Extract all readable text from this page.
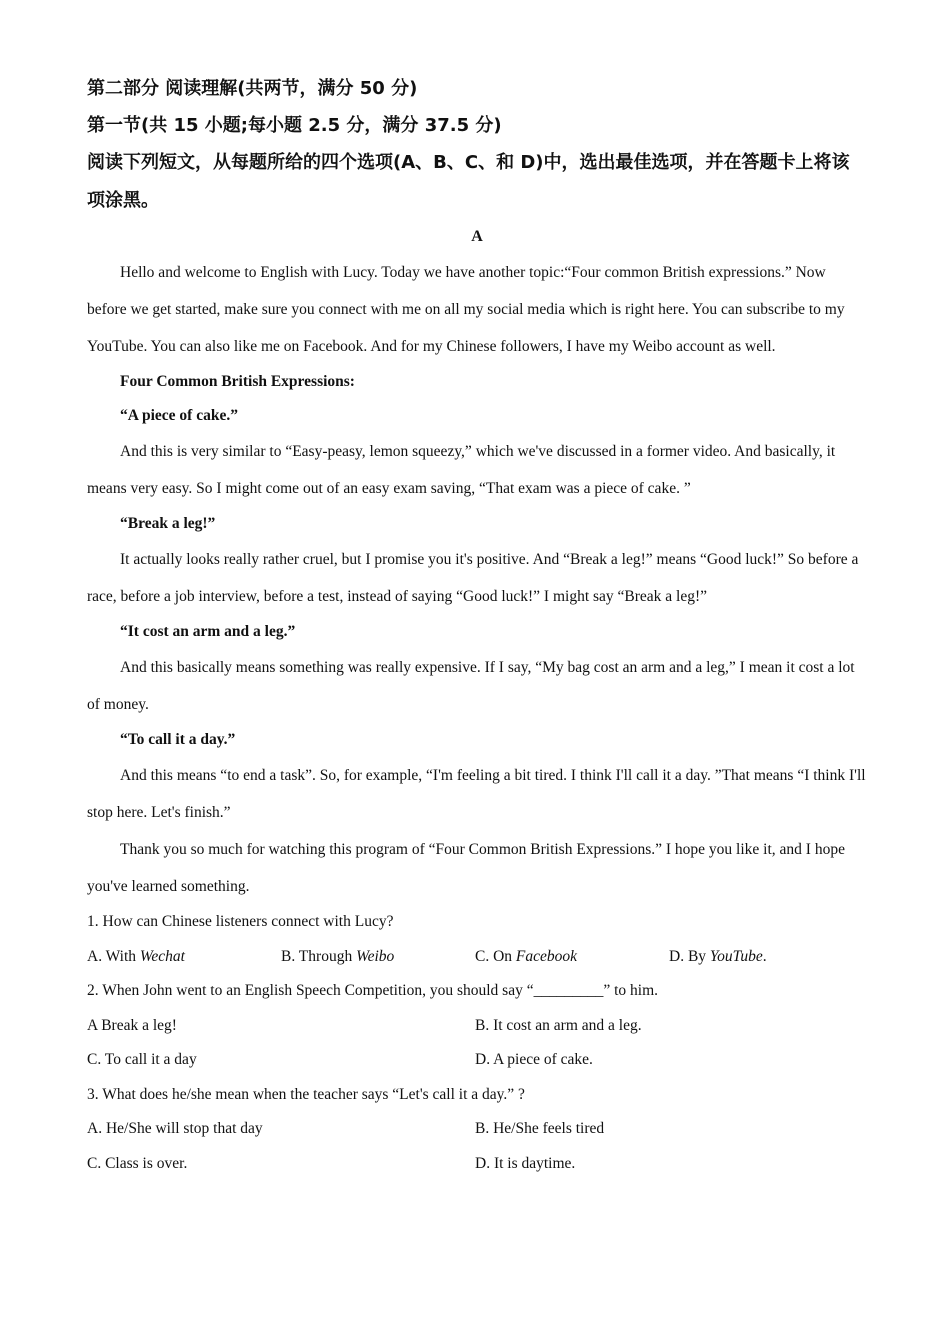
第二部分 阅读理解(共两节，满分 50 分)

第一节(共 15 小题;每小题 2.5 分，满分 37.5 分)

阅读下列短文，从每题所给的四个选项(A、B、C、和 D)中，选出最佳选项，并在答题卡上将该项涂黑。

A

Hello and welcome to English with Lucy. Today we have another topic:“Four common British expressions.” Now before we get started, make sure you connect with me on all my social media which is right here. You can subscribe to my YouTube. You can also like me on Facebook. And for my Chinese followers, I have my Weibo account as well.

Four Common British Expressions:

“A piece of cake.”

And this is very similar to “Easy-peasy, lemon squeezy,” which we've discussed in a former video. And basically, it means very easy. So I might come out of an easy exam saving, “That exam was a piece of cake. ”

“Break a leg!”

It actually looks really rather cruel, but I promise you it's positive. And “Break a leg!” means “Good luck!” So before a race, before a job interview, before a test, instead of saying “Good luck!” I might say “Break a leg!”

“It cost an arm and a leg.”

And this basically means something was really expensive. If I say, “My bag cost an arm and a leg,” I mean it cost a lot of money.

“To call it a day.”

And this means “to end a task”. So, for example, “I'm feeling a bit tired. I think I'll call it a day. ”That means “I think I'll stop here. Let's finish.”

Thank you so much for watching this program of “Four Common British Expressions.” I hope you like it, and I hope you've learned something.

1. How can Chinese listeners connect with Lucy?

A. With Wechat	B. Through Weibo	C. On Facebook	D. By YouTube.

2. When John went to an English Speech Competition, you should say “_________” to him.

A Break a leg!	B. It cost an arm and a leg.
C. To call it a day	D. A piece of cake.

3. What does he/she mean when the teacher says “Let's call it a day.” ?

A. He/She will stop that day	B. He/She feels tired
C. Class is over.	D. It is daytime.
